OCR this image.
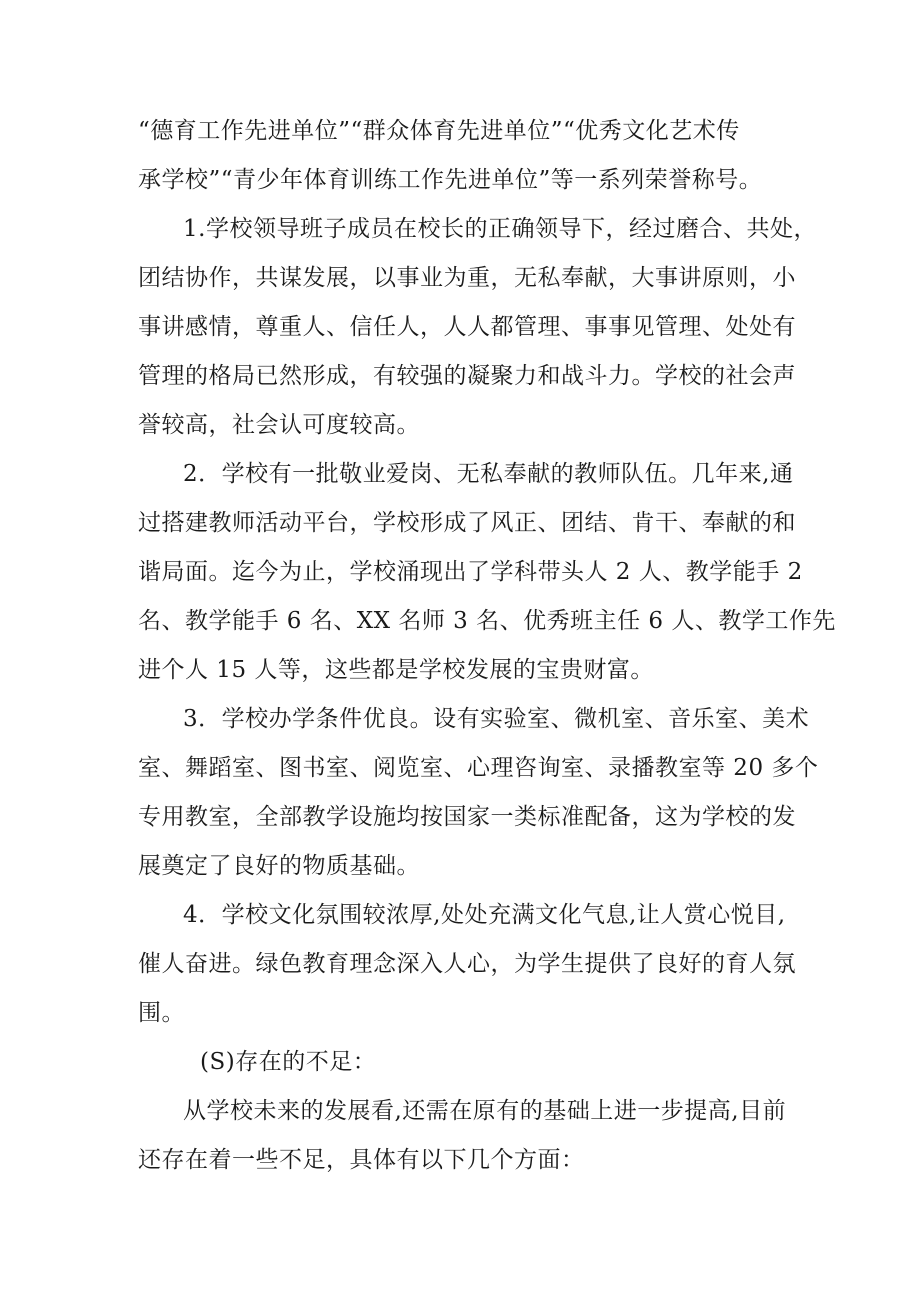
“德育工作先进单位”“群众体育先进单位”“优秀文化艺术传
承学校”“青少年体育训练工作先进单位”等一系列荣誉称号。
1.学校领导班子成员在校长的正确领导下，经过磨合、共处，
团结协作，共谋发展，以事业为重，无私奉献，大事讲原则，小
事讲感情，尊重人、信任人，人人都管理、事事见管理、处处有
管理的格局已然形成，有较强的凝聚力和战斗力。学校的社会声
誉较高，社会认可度较高。
2．学校有一批敬业爱岗、无私奉献的教师队伍。几年来,通
过搭建教师活动平台，学校形成了风正、团结、肯干、奉献的和
谐局面。迄今为止，学校涌现出了学科带头人 2 人、教学能手 2
名、教学能手 6 名、XX 名师 3 名、优秀班主任 6 人、教学工作先
进个人 15 人等，这些都是学校发展的宝贵财富。
3．学校办学条件优良。设有实验室、微机室、音乐室、美术
室、舞蹈室、图书室、阅览室、心理咨询室、录播教室等 20 多个
专用教室，全部教学设施均按国家一类标准配备，这为学校的发
展奠定了良好的物质基础。
4．学校文化氛围较浓厚,处处充满文化气息,让人赏心悦目,
催人奋进。绿色教育理念深入人心，为学生提供了良好的育人氛
围。
(S)存在的不足：
从学校未来的发展看,还需在原有的基础上进一步提高,目前
还存在着一些不足，具体有以下几个方面：
